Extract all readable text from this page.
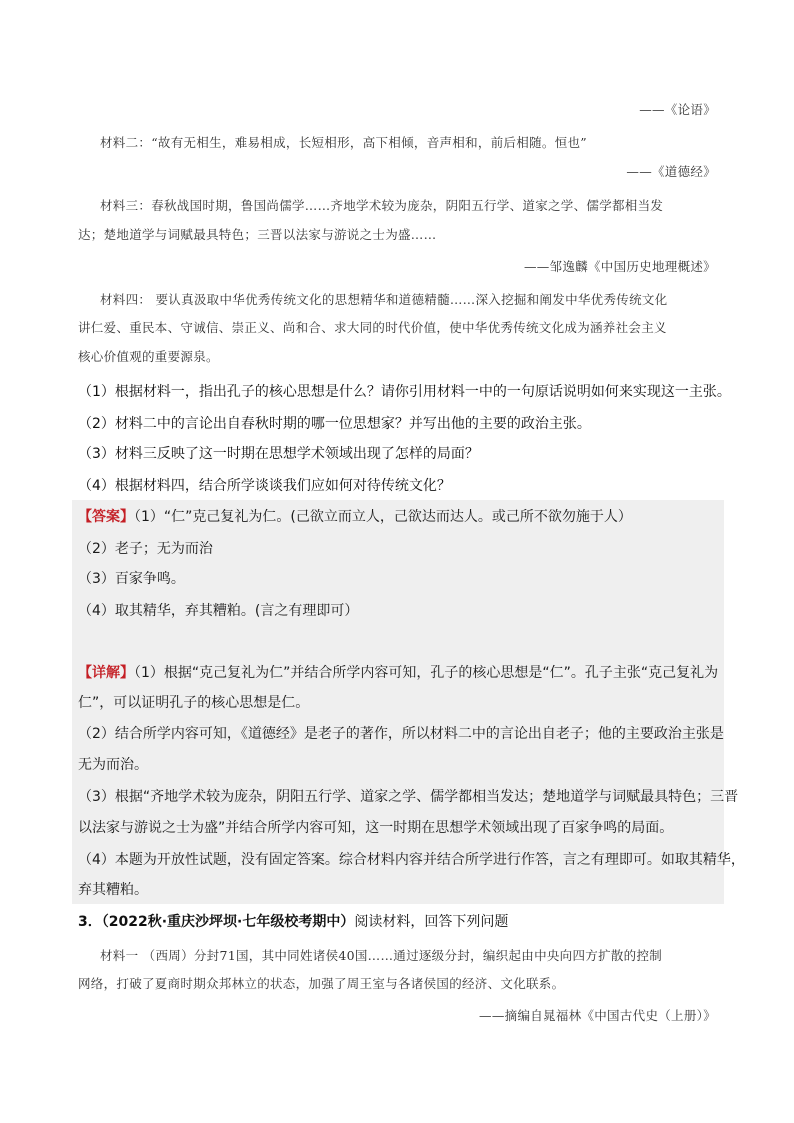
——《论语》
材料二：“故有无相生，难易相成，长短相形，高下相倾，音声相和，前后相随。恒也”
——《道德经》
材料三：春秋战国时期，鲁国尚儒学……齐地学术较为庞杂，阴阳五行学、道家之学、儒学都相当发
达；楚地道学与词赋最具特色；三晋以法家与游说之士为盛……
——邹逸麟《中国历史地理概述》
材料四： 要认真汲取中华优秀传统文化的思想精华和道德精髓……深入挖掘和阐发中华优秀传统文化
讲仁爱、重民本、守诚信、崇正义、尚和合、求大同的时代价值，使中华优秀传统文化成为涵养社会主义
核心价值观的重要源泉。
（1）根据材料一，指出孔子的核心思想是什么？请你引用材料一中的一句原话说明如何来实现这一主张。
（2）材料二中的言论出自春秋时期的哪一位思想家？并写出他的主要的政治主张。
（3）材料三反映了这一时期在思想学术领域出现了怎样的局面？
（4）根据材料四，结合所学谈谈我们应如何对待传统文化？
【答案】（1）“仁”克己复礼为仁。(己欲立而立人，己欲达而达人。或己所不欲勿施于人）
（2）老子；无为而治
（3）百家争鸣。
（4）取其精华，弃其糟粕。(言之有理即可）
【详解】（1）根据“克己复礼为仁”并结合所学内容可知，孔子的核心思想是“仁”。孔子主张“克己复礼为
仁”，可以证明孔子的核心思想是仁。
（2）结合所学内容可知，《道德经》是老子的著作，所以材料二中的言论出自老子；他的主要政治主张是
无为而治。
（3）根据“齐地学术较为庞杂，阴阳五行学、道家之学、儒学都相当发达；楚地道学与词赋最具特色；三晋
以法家与游说之士为盛”并结合所学内容可知，这一时期在思想学术领域出现了百家争鸣的局面。
（4）本题为开放性试题，没有固定答案。综合材料内容并结合所学进行作答，言之有理即可。如取其精华，
弃其糟粕。
3．（2022秋·重庆沙坪坝·七年级校考期中）阅读材料，回答下列问题
材料一 （西周）分封71国，其中同姓诸侯40国……通过逐级分封，编织起由中央向四方扩散的控制
网络，打破了夏商时期众邦林立的状态，加强了周王室与各诸侯国的经济、文化联系。
——摘编自晁福林《中国古代史（上册）》
